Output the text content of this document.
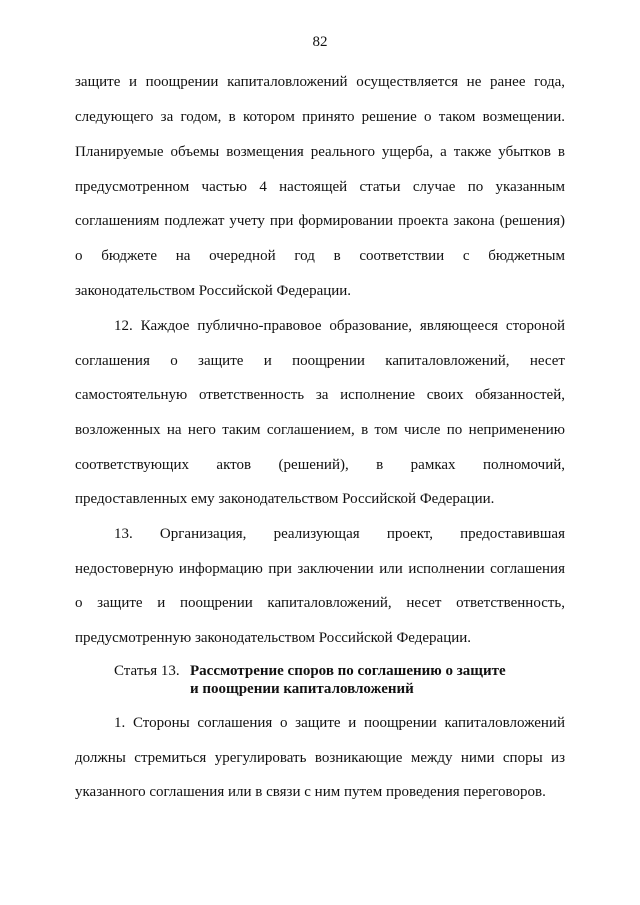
82
защите и поощрении капиталовложений осуществляется не ранее года,
следующего за годом, в котором принято решение о таком возмещении.
Планируемые объемы возмещения реального ущерба, а также убытков в
предусмотренном частью 4 настоящей статьи случае по указанным
соглашениям подлежат учету при формировании проекта закона (решения)
о бюджете на очередной год в соответствии с бюджетным
законодательством Российской Федерации.
12. Каждое публично-правовое образование, являющееся стороной
соглашения о защите и поощрении капиталовложений, несет
самостоятельную ответственность за исполнение своих обязанностей,
возложенных на него таким соглашением, в том числе по неприменению
соответствующих актов (решений), в рамках полномочий,
предоставленных ему законодательством Российской Федерации.
13. Организация, реализующая проект, предоставившая
недостоверную информацию при заключении или исполнении соглашения
о защите и поощрении капиталовложений, несет ответственность,
предусмотренную законодательством Российской Федерации.
Статья 13. Рассмотрение споров по соглашению о защите
и поощрении капиталовложений
1. Стороны соглашения о защите и поощрении капиталовложений
должны стремиться урегулировать возникающие между ними споры из
указанного соглашения или в связи с ним путем проведения переговоров.
